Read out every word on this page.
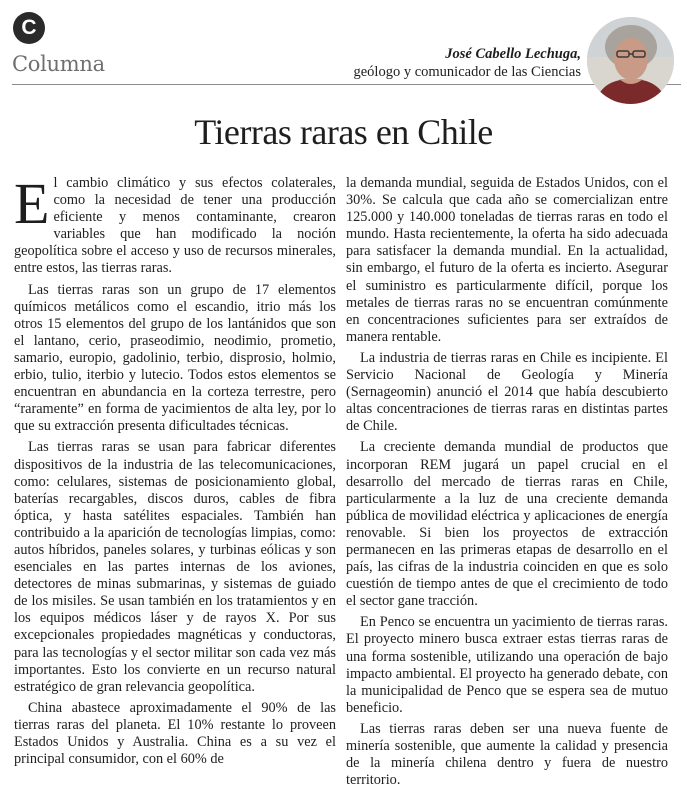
C
Columna	José Cabello Lechuga,
geólogo y comunicador de las Ciencias
Tierras raras en Chile

El cambio climático y sus efectos colaterales, como la necesidad de tener una producción eficiente y menos contaminante, crearon variables que han modificado la noción geopolítica sobre el acceso y uso de recursos minerales, entre estos, las tierras raras.

Las tierras raras son un grupo de 17 elementos químicos metálicos como el escandio, itrio más los otros 15 elementos del grupo de los lantánidos que son el lantano, cerio, praseodimio, neodimio, prometio, samario, europio, gadolinio, terbio, disprosio, holmio, erbio, tulio, iterbio y lutecio. Todos estos elementos se encuentran en abundancia en la corteza terrestre, pero “raramente” en forma de yacimientos de alta ley, por lo que su extracción presenta dificultades técnicas.

Las tierras raras se usan para fabricar diferentes dispositivos de la industria de las telecomunicaciones, como: celulares, sistemas de posicionamiento global, baterías recargables, discos duros, cables de fibra óptica, y hasta satélites espaciales. También han contribuido a la aparición de tecnologías limpias, como: autos híbridos, paneles solares, y turbinas eólicas y son esenciales en las partes internas de los aviones, detectores de minas submarinas, y sistemas de guiado de los misiles. Se usan también en los tratamientos y en los equipos médicos láser y de rayos X. Por sus excepcionales propiedades magnéticas y conductoras, para las tecnologías y el sector militar son cada vez más importantes. Esto los convierte en un recurso natural estratégico de gran relevancia geopolítica.

China abastece aproximadamente el 90% de las tierras raras del planeta. El 10% restante lo proveen Estados Unidos y Australia. China es a su vez el principal consumidor, con el 60% de

la demanda mundial, seguida de Estados Unidos, con el 30%. Se calcula que cada año se comercializan entre 125.000 y 140.000 toneladas de tierras raras en todo el mundo. Hasta recientemente, la oferta ha sido adecuada para satisfacer la demanda mundial. En la actualidad, sin embargo, el futuro de la oferta es incierto. Asegurar el suministro es particularmente difícil, porque los metales de tierras raras no se encuentran comúnmente en concentraciones suficientes para ser extraídos de manera rentable.

La industria de tierras raras en Chile es incipiente. El Servicio Nacional de Geología y Minería (Sernageomin) anunció el 2014 que había descubierto altas concentraciones de tierras raras en distintas partes de Chile.

La creciente demanda mundial de productos que incorporan REM jugará un papel crucial en el desarrollo del mercado de tierras raras en Chile, particularmente a la luz de una creciente demanda pública de movilidad eléctrica y aplicaciones de energía renovable. Si bien los proyectos de extracción permanecen en las primeras etapas de desarrollo en el país, las cifras de la industria coinciden en que es solo cuestión de tiempo antes de que el crecimiento de todo el sector gane tracción.

En Penco se encuentra un yacimiento de tierras raras. El proyecto minero busca extraer estas tierras raras de una forma sostenible, utilizando una operación de bajo impacto ambiental. El proyecto ha generado debate, con la municipalidad de Penco que se espera sea de mutuo beneficio.

Las tierras raras deben ser una nueva fuente de minería sostenible, que aumente la calidad y presencia de la minería chilena dentro y fuera de nuestro territorio.
